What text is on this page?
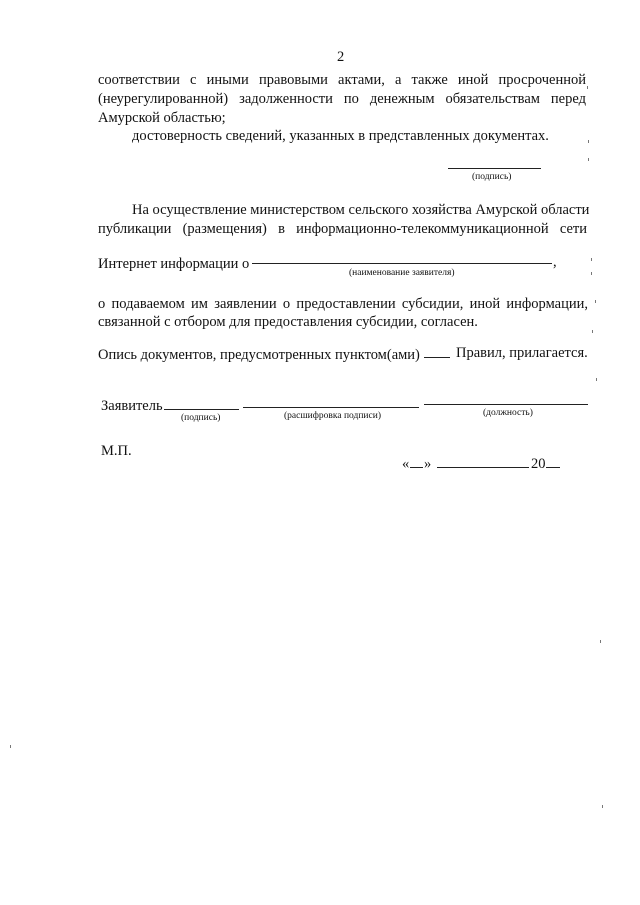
2
соответствии с иными правовыми актами, а также иной просроченной
(неурегулированной) задолженности по денежным обязательствам перед
Амурской областью;
достоверность сведений, указанных в представленных документах.
(подпись)
На осуществление министерством сельского хозяйства Амурской области
публикации (размещения) в информационно-телекоммуникационной сети
Интернет информации о	,
(наименование заявителя)
о подаваемом им заявлении о предоставлении субсидии, иной информации,
связанной с отбором для предоставления субсидии, согласен.
Опись документов, предусмотренных пунктом(ами) Правил, прилагается.
Заявитель
(подпись)	(расшифровка подписи)	(должность)
М.П.
« »	20
